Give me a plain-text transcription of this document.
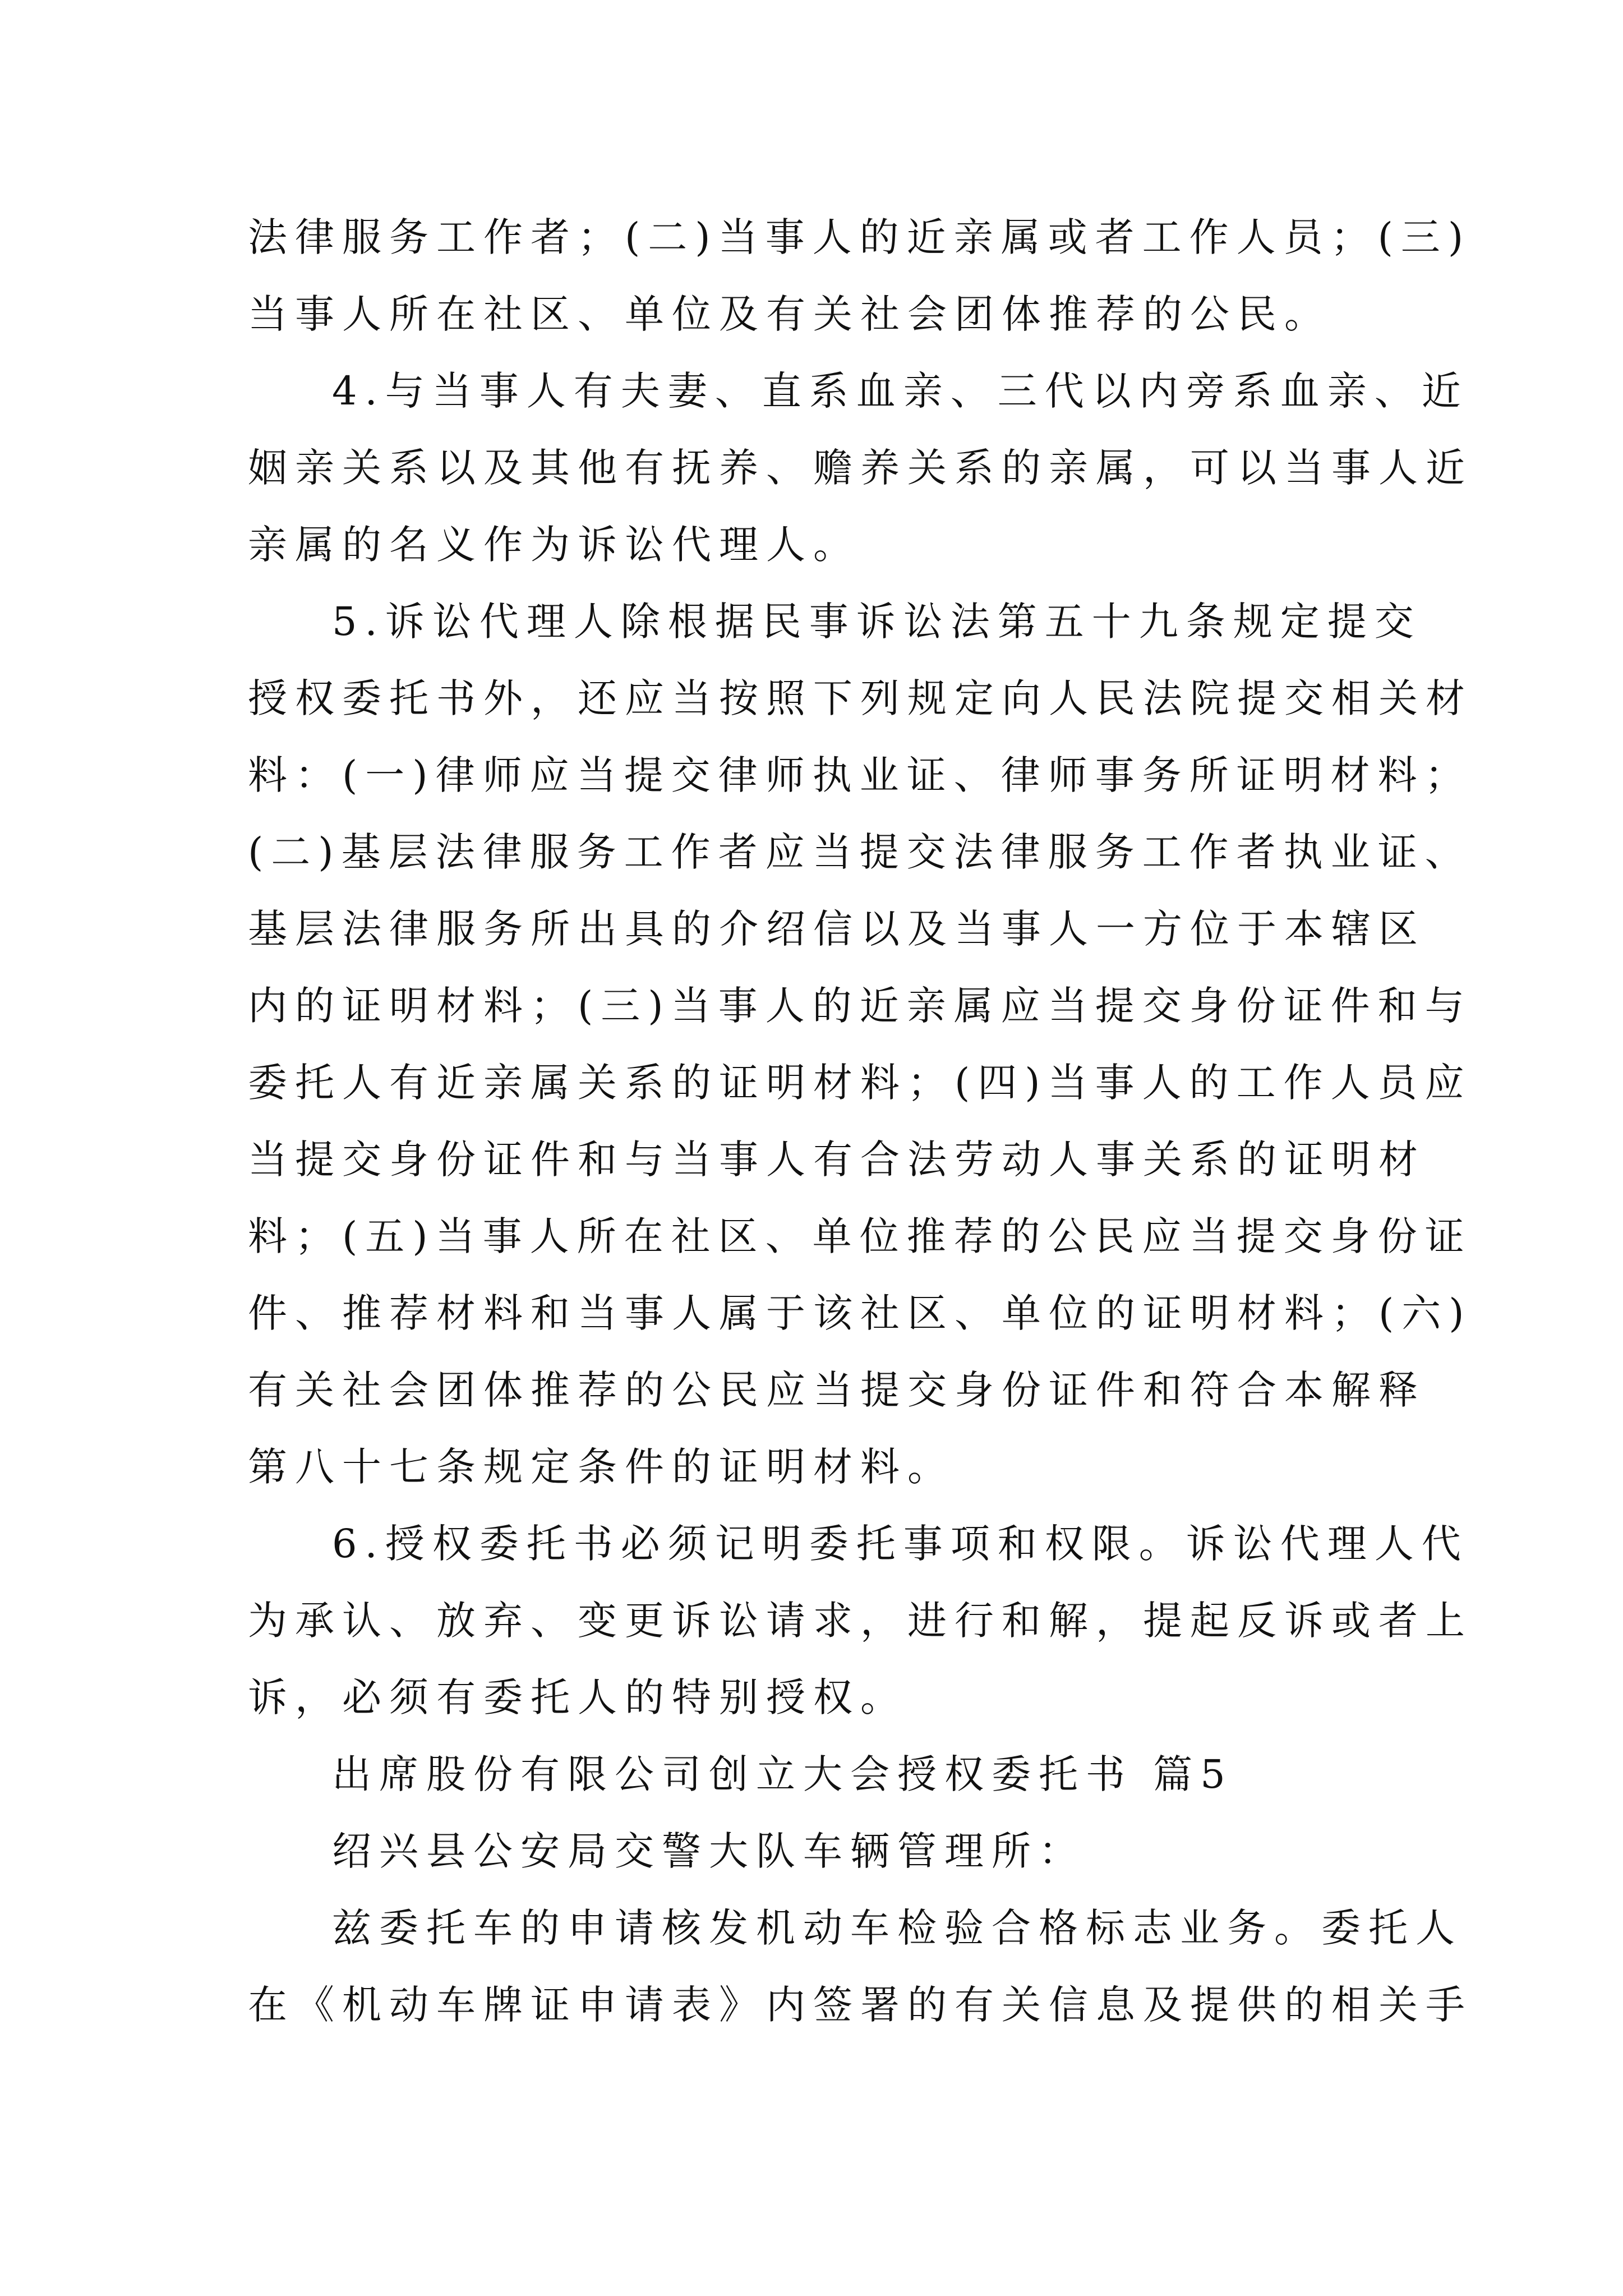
法律服务工作者；(二)当事人的近亲属或者工作人员；(三)
当事人所在社区、单位及有关社会团体推荐的公民。
4.与当事人有夫妻、直系血亲、三代以内旁系血亲、近
姻亲关系以及其他有抚养、赡养关系的亲属，可以当事人近
亲属的名义作为诉讼代理人。
5.诉讼代理人除根据民事诉讼法第五十九条规定提交
授权委托书外，还应当按照下列规定向人民法院提交相关材
料：(一)律师应当提交律师执业证、律师事务所证明材料；
(二)基层法律服务工作者应当提交法律服务工作者执业证、
基层法律服务所出具的介绍信以及当事人一方位于本辖区
内的证明材料；(三)当事人的近亲属应当提交身份证件和与
委托人有近亲属关系的证明材料；(四)当事人的工作人员应
当提交身份证件和与当事人有合法劳动人事关系的证明材
料；(五)当事人所在社区、单位推荐的公民应当提交身份证
件、推荐材料和当事人属于该社区、单位的证明材料；(六)
有关社会团体推荐的公民应当提交身份证件和符合本解释
第八十七条规定条件的证明材料。
6.授权委托书必须记明委托事项和权限。诉讼代理人代
为承认、放弃、变更诉讼请求，进行和解，提起反诉或者上
诉，必须有委托人的特别授权。
出席股份有限公司创立大会授权委托书 篇5
绍兴县公安局交警大队车辆管理所：
兹委托车的申请核发机动车检验合格标志业务。委托人
在《机动车牌证申请表》内签署的有关信息及提供的相关手
